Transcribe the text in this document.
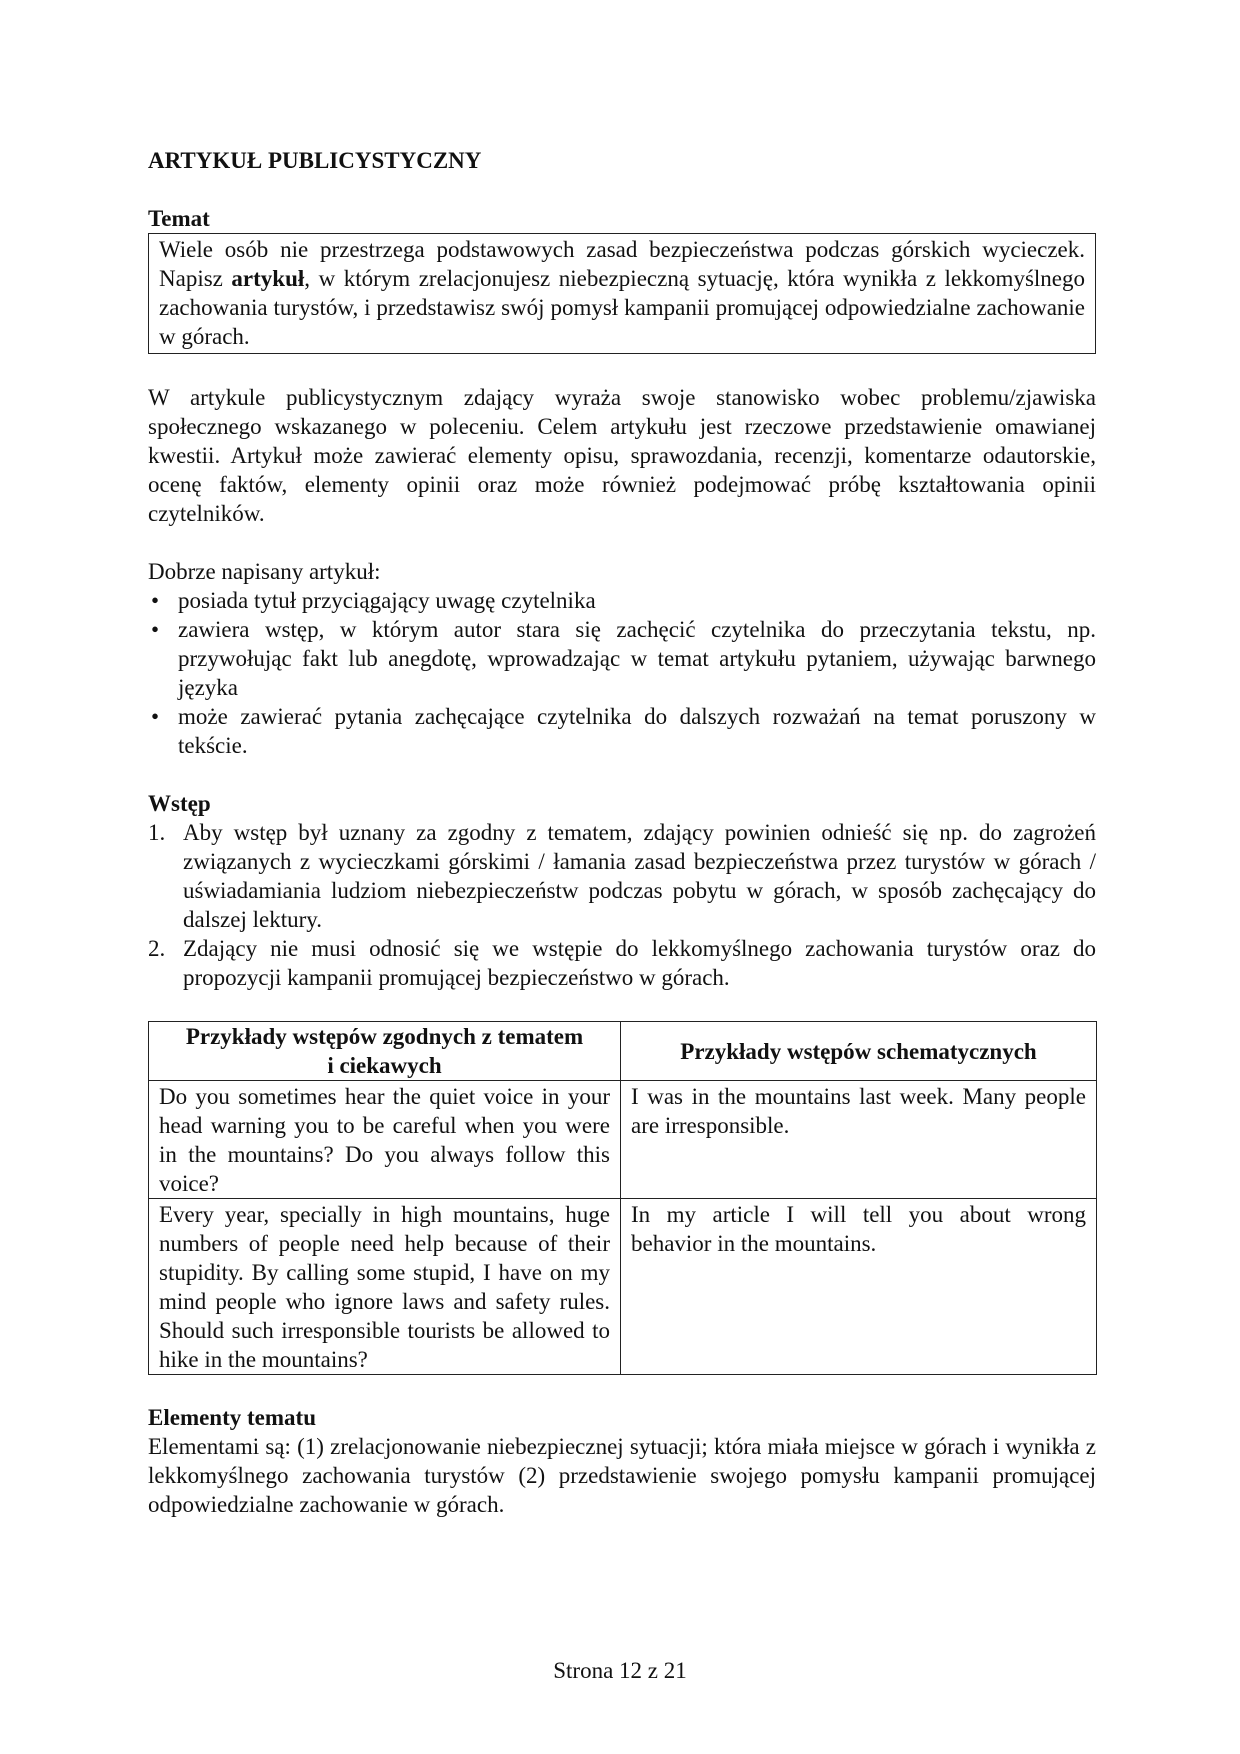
ARTYKUŁ PUBLICYSTYCZNY
Temat
Wiele osób nie przestrzega podstawowych zasad bezpieczeństwa podczas górskich wycieczek. Napisz artykuł, w którym zrelacjonujesz niebezpieczną sytuację, która wynikła z lekkomyślnego zachowania turystów, i przedstawisz swój pomysł kampanii promującej odpowiedzialne zachowanie w górach.

W artykule publicystycznym zdający wyraża swoje stanowisko wobec problemu/zjawiska społecznego wskazanego w poleceniu. Celem artykułu jest rzeczowe przedstawienie omawianej kwestii. Artykuł może zawierać elementy opisu, sprawozdania, recenzji, komentarze odautorskie, ocenę faktów, elementy opinii oraz może również podejmować próbę kształtowania opinii czytelników.

Dobrze napisany artykuł:

• posiada tytuł przyciągający uwagę czytelnika
• zawiera wstęp, w którym autor stara się zachęcić czytelnika do przeczytania tekstu, np. przywołując fakt lub anegdotę, wprowadzając w temat artykułu pytaniem, używając barwnego języka
• może zawierać pytania zachęcające czytelnika do dalszych rozważań na temat poruszony w tekście.
Wstęp
1. Aby wstęp był uznany za zgodny z tematem, zdający powinien odnieść się np. do zagrożeń związanych z wycieczkami górskimi / łamania zasad bezpieczeństwa przez turystów w górach / uświadamiania ludziom niebezpieczeństw podczas pobytu w górach, w sposób zachęcający do dalszej lektury.
2. Zdający nie musi odnosić się we wstępie do lekkomyślnego zachowania turystów oraz do propozycji kampanii promującej bezpieczeństwo w górach.
Przykłady wstępów zgodnych z tematem
i ciekawych	Przykłady wstępów schematycznych
Do you sometimes hear the quiet voice in your head warning you to be careful when you were in the mountains? Do you always follow this voice?	I was in the mountains last week. Many people are irresponsible.
Every year, specially in high mountains, huge numbers of people need help because of their stupidity. By calling some stupid, I have on my mind people who ignore laws and safety rules. Should such irresponsible tourists be allowed to hike in the mountains?	In my article I will tell you about wrong behavior in the mountains.
Elementy tematu

Elementami są: (1) zrelacjonowanie niebezpiecznej sytuacji; która miała miejsce w górach i wynikła z lekkomyślnego zachowania turystów (2) przedstawienie swojego pomysłu kampanii promującej odpowiedzialne zachowanie w górach.

Strona 12 z 21
